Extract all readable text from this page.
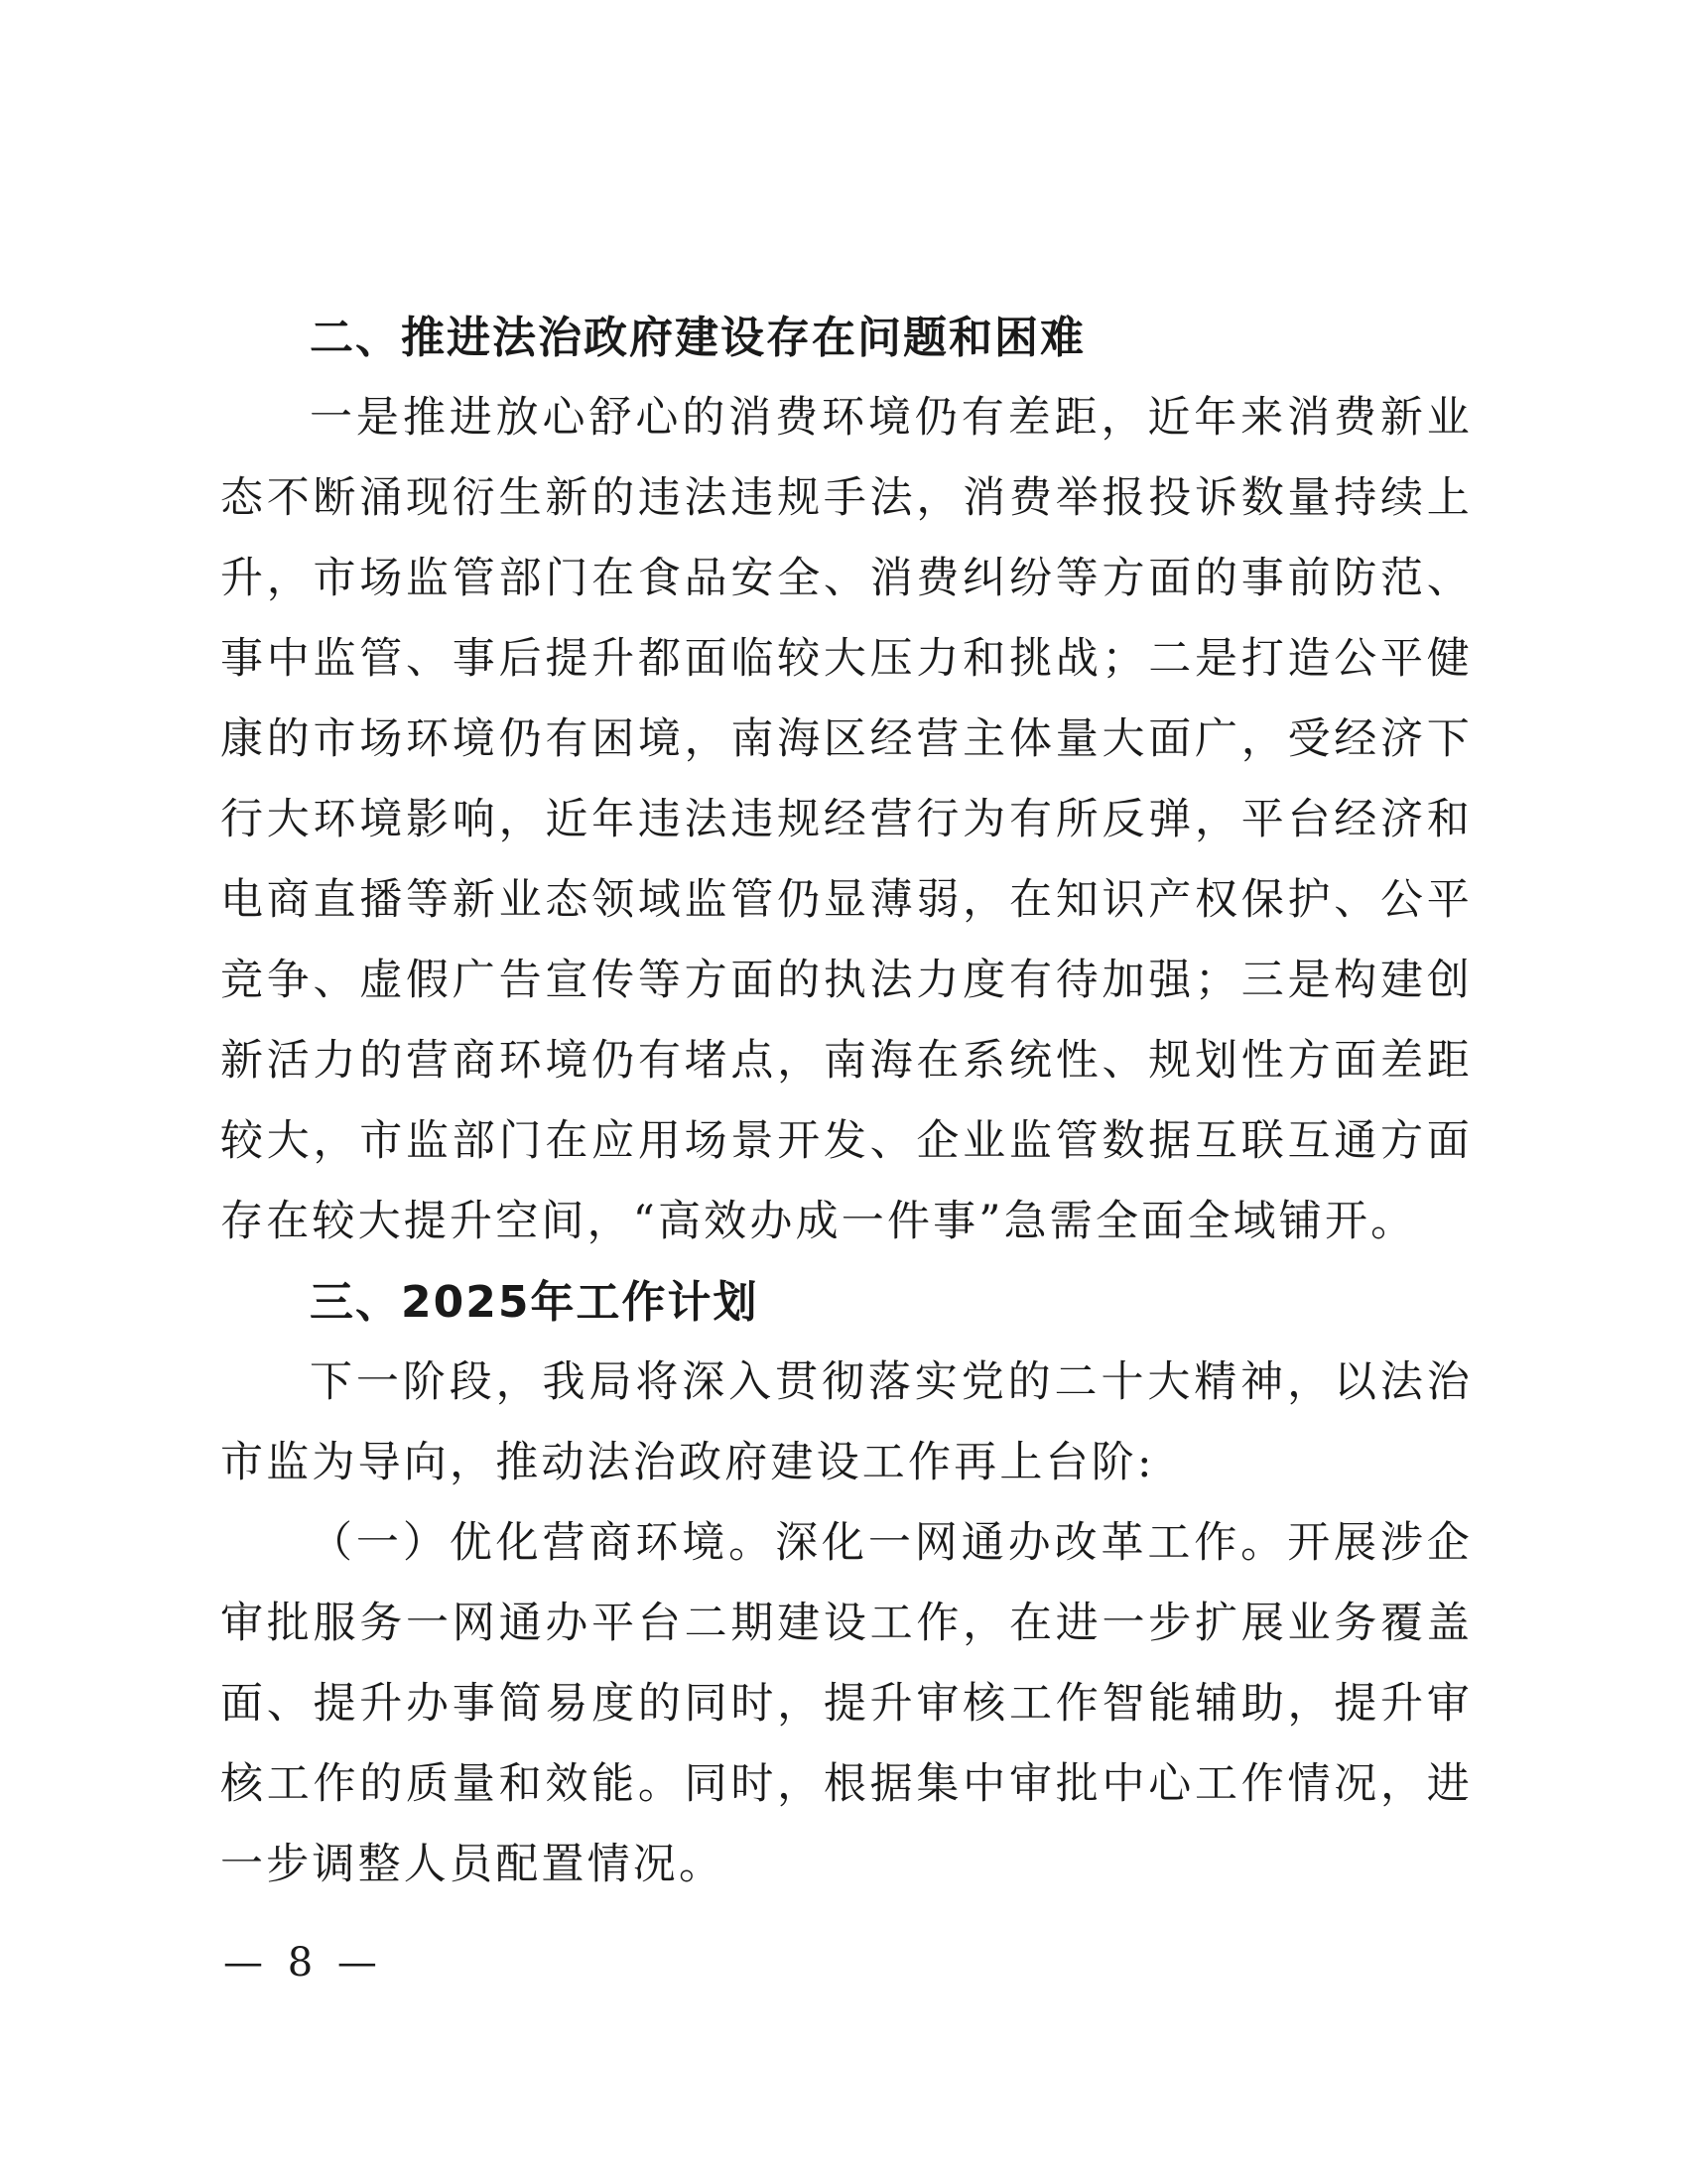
二、推进法治政府建设存在问题和困难

一是推进放心舒心的消费环境仍有差距，近年来消费新业态不断涌现衍生新的违法违规手法，消费举报投诉数量持续上升，市场监管部门在食品安全、消费纠纷等方面的事前防范、事中监管、事后提升都面临较大压力和挑战；二是打造公平健康的市场环境仍有困境，南海区经营主体量大面广，受经济下行大环境影响，近年违法违规经营行为有所反弹，平台经济和电商直播等新业态领域监管仍显薄弱，在知识产权保护、公平竞争、虚假广告宣传等方面的执法力度有待加强；三是构建创新活力的营商环境仍有堵点，南海在系统性、规划性方面差距较大，市监部门在应用场景开发、企业监管数据互联互通方面存在较大提升空间，“高效办成一件事”急需全面全域铺开。

三、2025年工作计划

下一阶段，我局将深入贯彻落实党的二十大精神，以法治市监为导向，推动法治政府建设工作再上台阶:

（一）优化营商环境。深化一网通办改革工作。开展涉企审批服务一网通办平台二期建设工作，在进一步扩展业务覆盖面、提升办事简易度的同时，提升审核工作智能辅助，提升审核工作的质量和效能。同时，根据集中审批中心工作情况，进一步调整人员配置情况。

— 8 —
